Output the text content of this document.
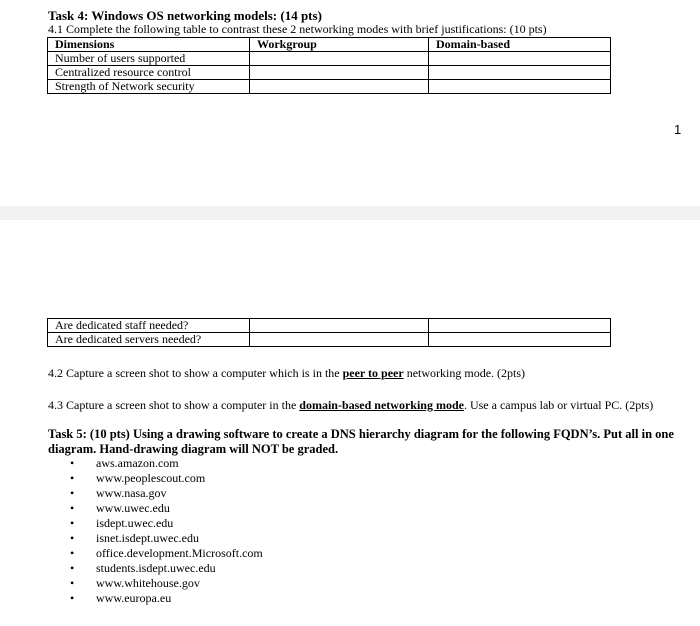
Task 4: Windows OS networking models: (14 pts)
4.1 Complete the following table to contrast these 2 networking modes with brief justifications: (10 pts)
Dimensions	Workgroup	Domain-based
Number of users supported		
Centralized resource control		
Strength of Network security		
1
Are dedicated staff needed?		
Are dedicated servers needed?		
4.2 Capture a screen shot to show a computer which is in the peer to peer networking mode. (2pts)
4.3 Capture a screen shot to show a computer in the domain-based networking mode. Use a campus lab or virtual PC. (2pts)
Task 5: (10 pts) Using a drawing software to create a DNS hierarchy diagram for the following FQDN’s. Put all in one diagram. Hand-drawing diagram will NOT be graded.
• aws.amazon.com
• www.peoplescout.com
• www.nasa.gov
• www.uwec.edu
• isdept.uwec.edu
• isnet.isdept.uwec.edu
• office.development.Microsoft.com
• students.isdept.uwec.edu
• www.whitehouse.gov
• www.europa.eu
